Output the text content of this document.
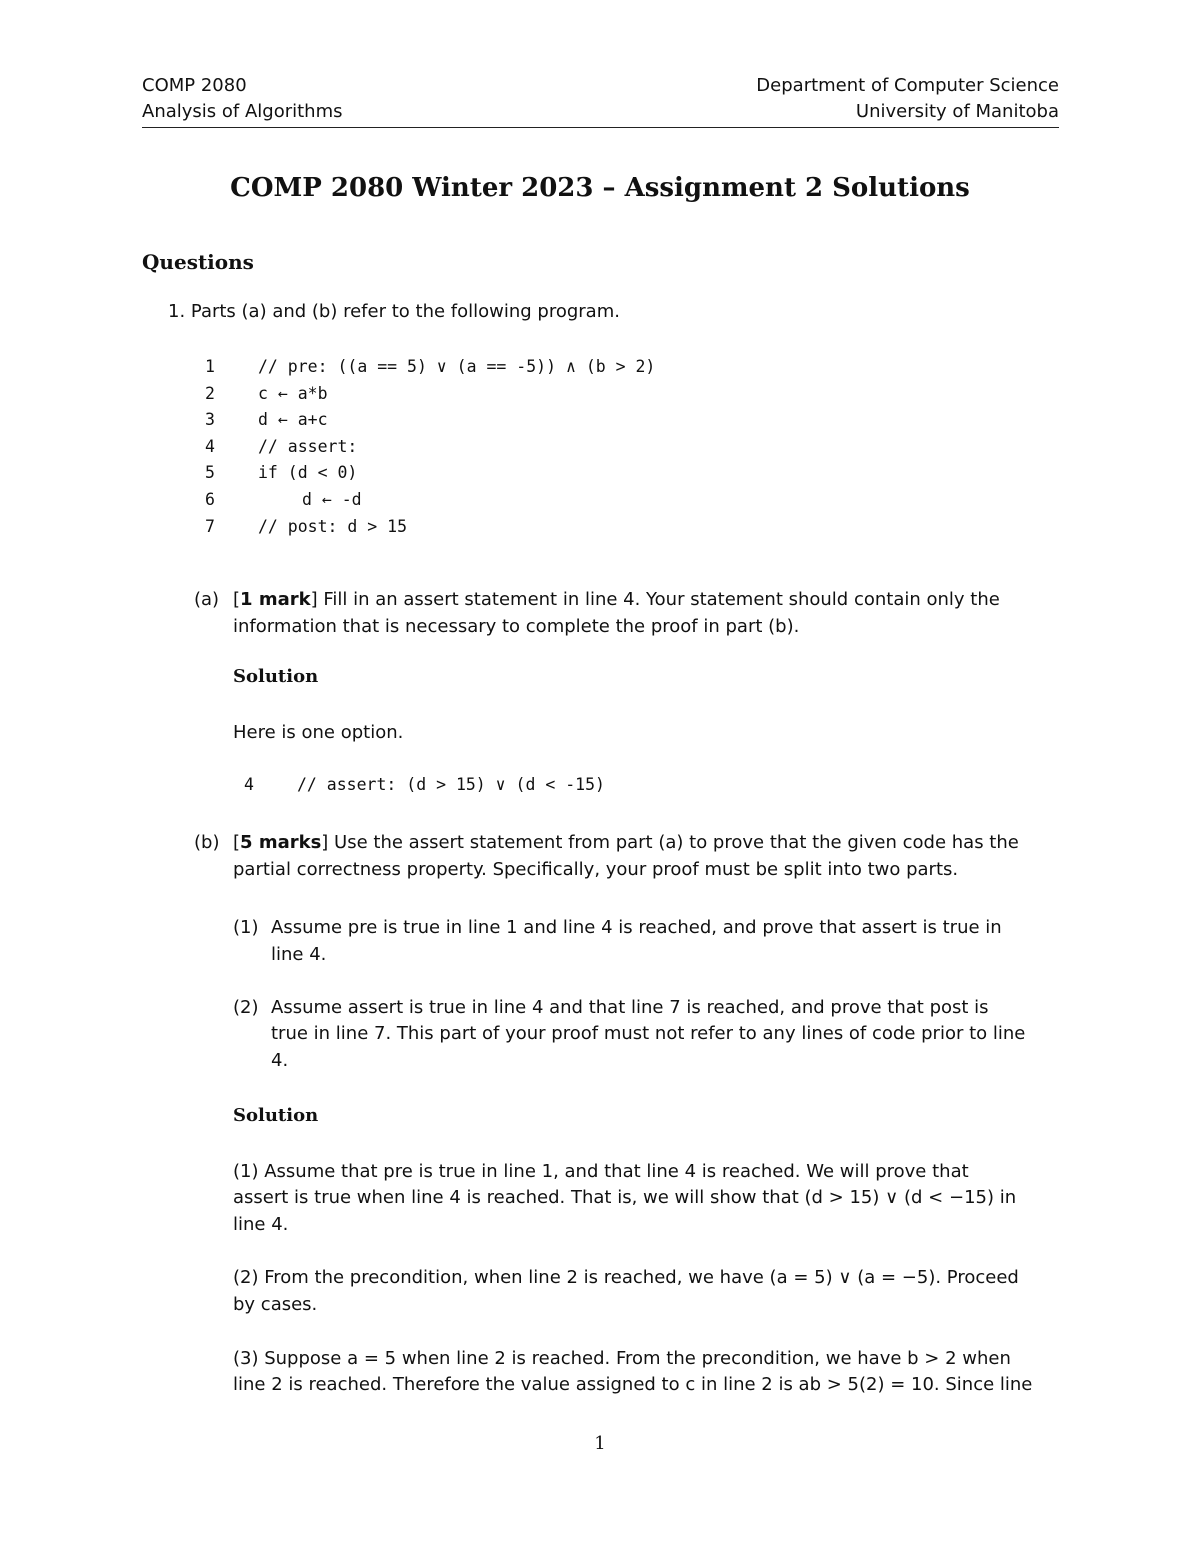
COMP 2080
Analysis of Algorithms
Department of Computer Science
University of Manitoba
COMP 2080 Winter 2023 – Assignment 2 Solutions
Questions
1. Parts (a) and (b) refer to the following program.
1	// pre: ((a == 5) ∨ (a == -5)) ∧ (b > 2)
2	c ← a*b
3	d ← a+c
4	// assert:
5	if (d < 0)
6	d ← -d
7	// post: d > 15
(a) [1 mark] Fill in an assert statement in line 4. Your statement should contain only the
information that is necessary to complete the proof in part (b).
Solution
Here is one option.
4	// assert: (d > 15) ∨ (d < -15)
(b) [5 marks] Use the assert statement from part (a) to prove that the given code has the
partial correctness property. Specifically, your proof must be split into two parts.
(1) Assume pre is true in line 1 and line 4 is reached, and prove that assert is true in
line 4.
(2) Assume assert is true in line 4 and that line 7 is reached, and prove that post is
true in line 7. This part of your proof must not refer to any lines of code prior to line
4.
Solution
(1) Assume that pre is true in line 1, and that line 4 is reached. We will prove that
assert is true when line 4 is reached. That is, we will show that (d > 15) ∨ (d < −15) in
line 4.
(2) From the precondition, when line 2 is reached, we have (a = 5) ∨ (a = −5). Proceed
by cases.
(3) Suppose a = 5 when line 2 is reached. From the precondition, we have b > 2 when
line 2 is reached. Therefore the value assigned to c in line 2 is ab > 5(2) = 10. Since line
1
